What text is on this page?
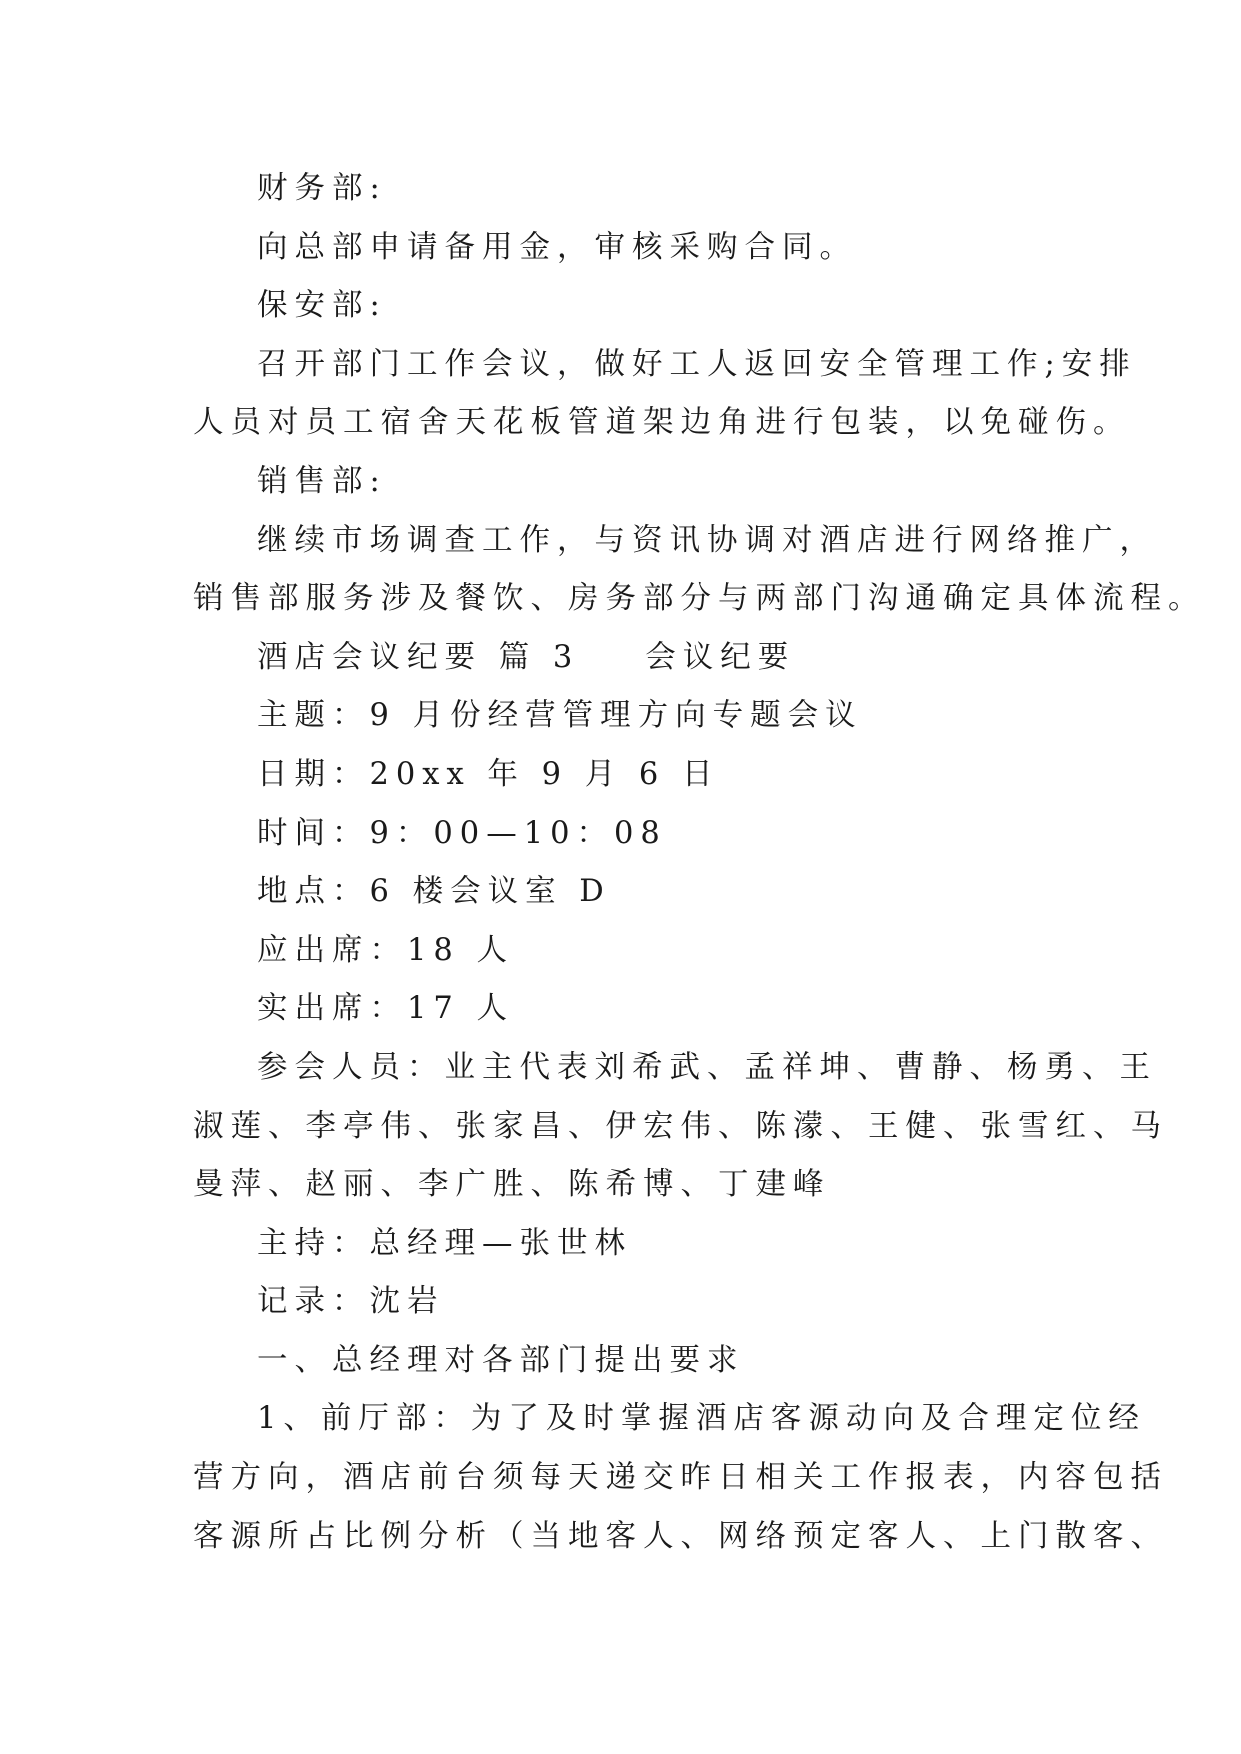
财务部:
向总部申请备用金，审核采购合同。
保安部:
召开部门工作会议，做好工人返回安全管理工作;安排
人员对员工宿舍天花板管道架边角进行包装，以免碰伤。
销售部:
继续市场调查工作，与资讯协调对酒店进行网络推广，
销售部服务涉及餐饮、房务部分与两部门沟通确定具体流程。
酒店会议纪要 篇 3 会议纪要
主题：9 月份经营管理方向专题会议
日期：20xx 年 9 月 6 日
时间：9：00—10：08
地点：6 楼会议室 D
应出席：18 人
实出席：17 人
参会人员：业主代表刘希武、孟祥坤、曹静、杨勇、王
淑莲、李亭伟、张家昌、伊宏伟、陈濛、王健、张雪红、马
曼萍、赵丽、李广胜、陈希博、丁建峰
主持：总经理—张世林
记录：沈岩
一、总经理对各部门提出要求
1、前厅部：为了及时掌握酒店客源动向及合理定位经
营方向，酒店前台须每天递交昨日相关工作报表，内容包括
客源所占比例分析（当地客人、网络预定客人、上门散客、
